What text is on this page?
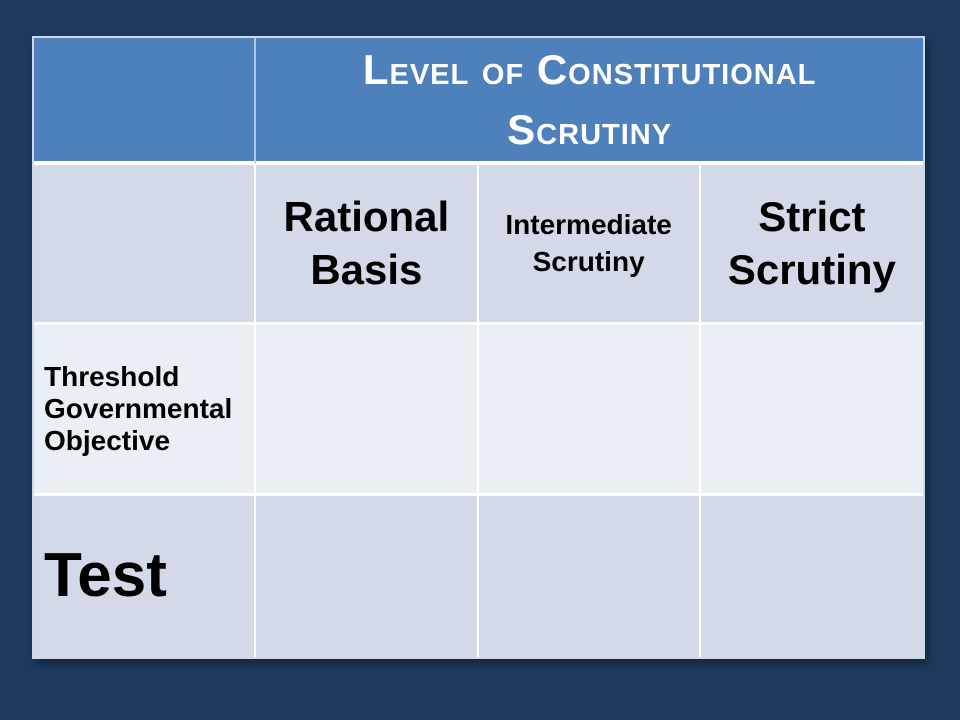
Level of Constitutional
Scrutiny
Rational Basis
Intermediate Scrutiny
Strict Scrutiny
Threshold Governmental Objective
Test
